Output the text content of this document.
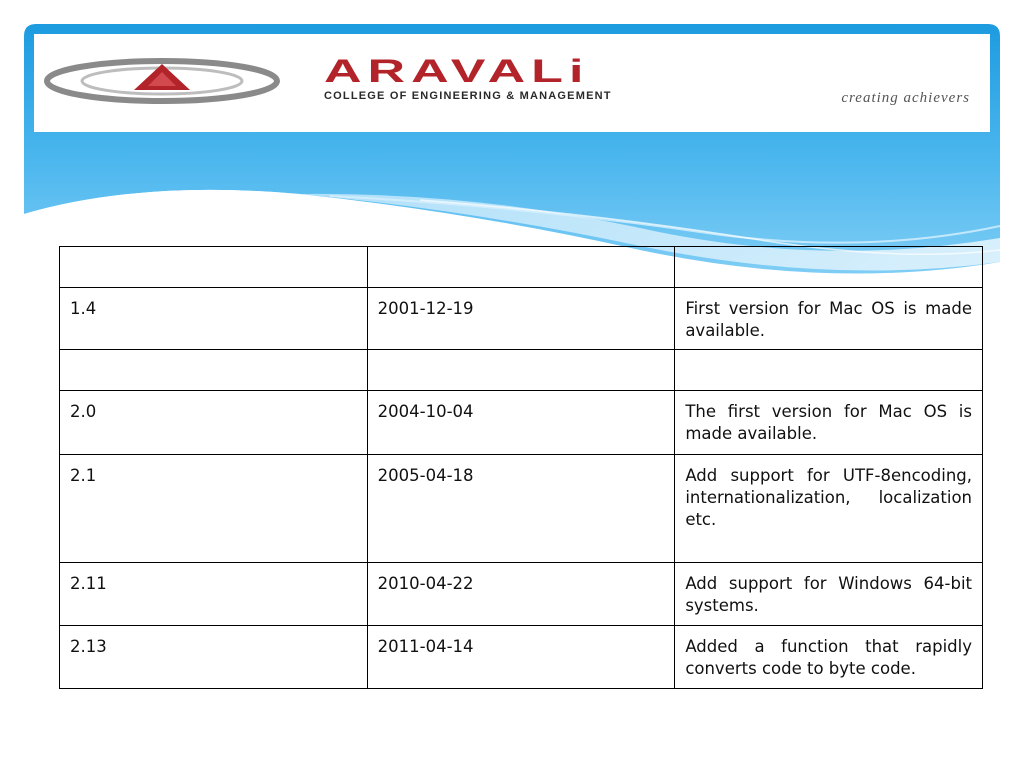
ARAVALi
COLLEGE OF ENGINEERING & MANAGEMENT	creating achievers

1.4	2001-12-19	First version for Mac OS is made available.

2.0	2004-10-04	The first version for Mac OS is made available.
2.1	2005-04-18	Add support for UTF-8encoding, internationalization, localization etc.
2.11	2010-04-22	Add support for Windows 64-bit systems.
2.13	2011-04-14	Added a function that rapidly converts code to byte code.
